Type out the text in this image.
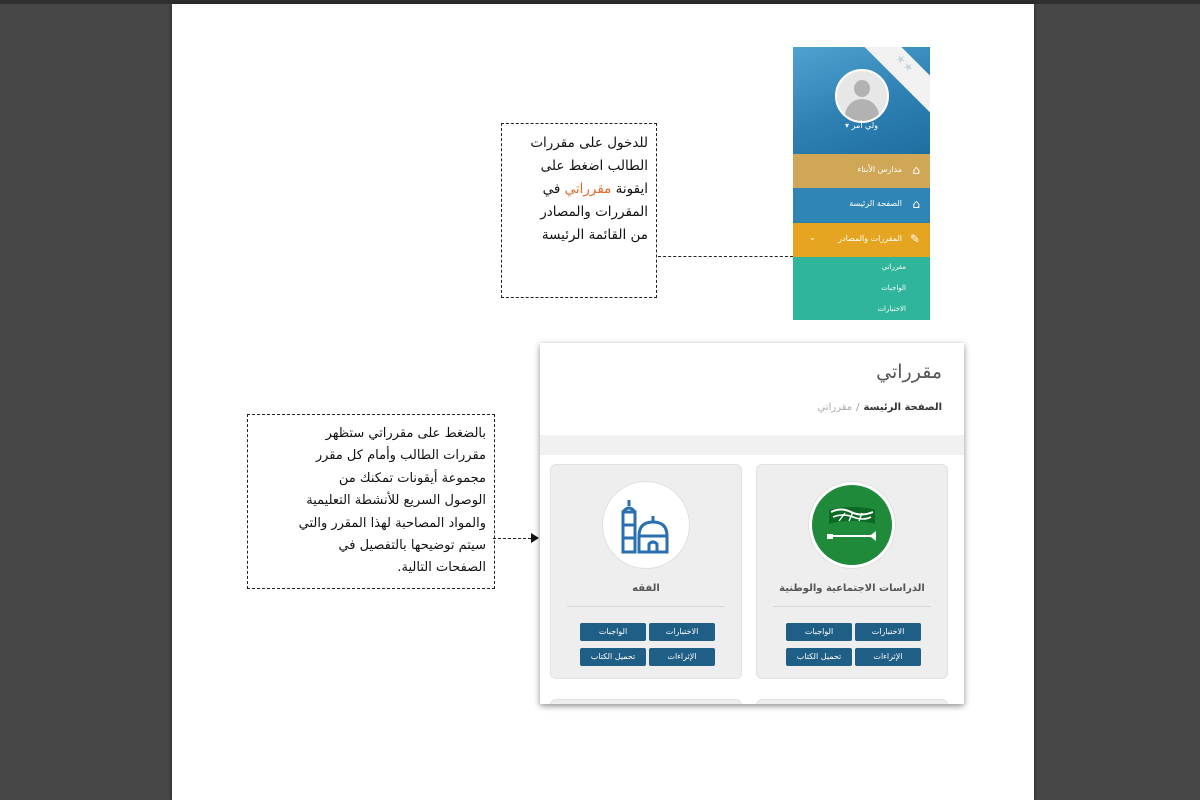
للدخول على مقررات

الطالب اضغط على

ايقونة مقرراتي في

المقررات والمصادر

من القائمة الرئيسة

★★
ولي أمر ▾
⌂
مدارس الأبناء
⌂
الصفحة الرئيسة
✎
المقررات والمصادر
⌄
مقرراتي
الواجبات
الاختبارات

بالضغط على مقرراتي ستظهر

مقررات الطالب وأمام كل مقرر

مجموعة أيقونات تمكنك من

الوصول السريع للأنشطة التعليمية

والمواد المصاحبة لهذا المقرر والتي

سيتم توضيحها بالتفصيل في

الصفحات التالية.

مقرراتي
الصفحة الرئيسة/مقرراتي
الدراسات الاجتماعية والوطنية
الاختبارات
الواجبات
الإثراءات
تحميل الكتاب
الفقه
الاختبارات
الواجبات
الإثراءات
تحميل الكتاب
